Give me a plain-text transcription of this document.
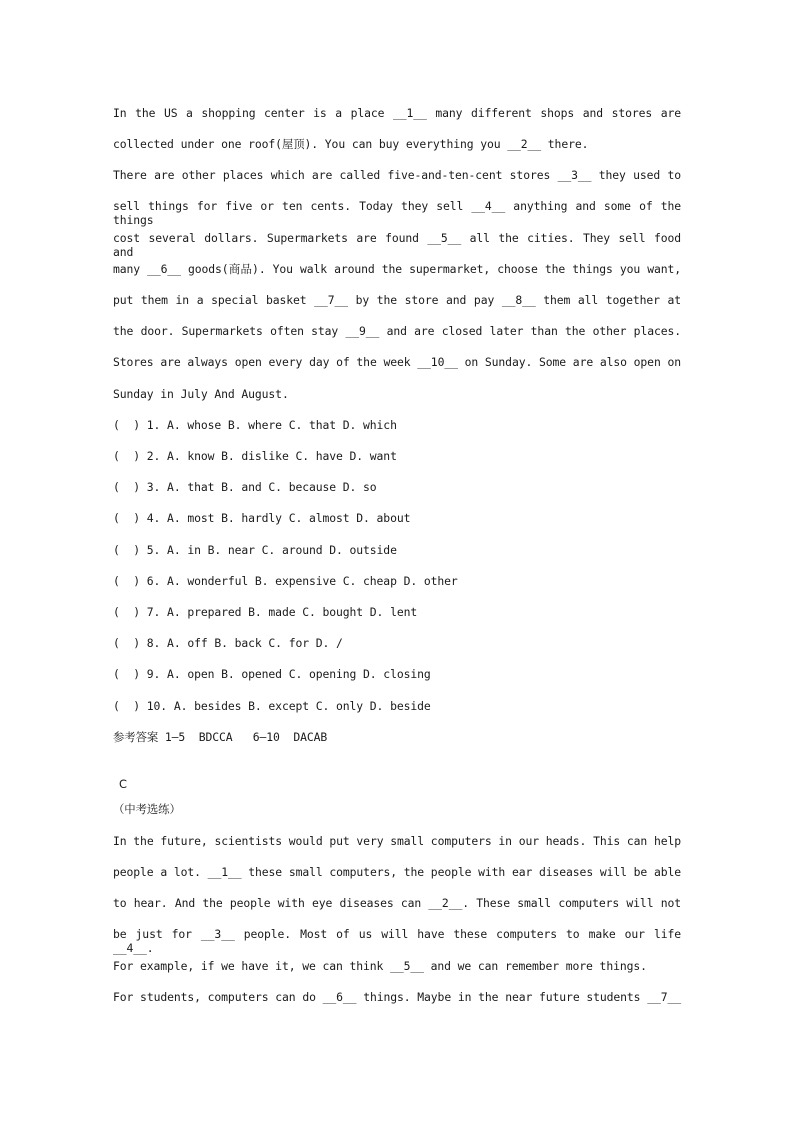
In the US a shopping center is a place __1__ many different shops and stores are
collected under one roof(屋顶). You can buy everything you __2__ there.
There are other places which are called five-and-ten-cent stores __3__ they used to
sell things for five or ten cents. Today they sell __4__ anything and some of the things
cost several dollars. Supermarkets are found __5__ all the cities. They sell food and
many __6__ goods(商品). You walk around the supermarket, choose the things you want,
put them in a special basket __7__ by the store and pay __8__ them all together at
the door. Supermarkets often stay __9__ and are closed later than the other places.
Stores are always open every day of the week __10__ on Sunday. Some are also open on
Sunday in July And August.
(  ) 1. A. whose B. where C. that D. which
(  ) 2. A. know B. dislike C. have D. want
(  ) 3. A. that B. and C. because D. so
(  ) 4. A. most B. hardly C. almost D. about
(  ) 5. A. in B. near C. around D. outside
(  ) 6. A. wonderful B. expensive C. cheap D. other
(  ) 7. A. prepared B. made C. bought D. lent
(  ) 8. A. off B. back C. for D. /
(  ) 9. A. open B. opened C. opening D. closing
(  ) 10. A. besides B. except C. only D. beside
参考答案 1—5  BDCCA   6—10  DACAB
C
（中考选练）
In the future, scientists would put very small computers in our heads. This can help
people a lot. __1__ these small computers, the people with ear diseases will be able
to hear. And the people with eye diseases can __2__. These small computers will not
be just for __3__ people. Most of us will have these computers to make our life __4__.
For example, if we have it, we can think __5__ and we can remember more things.
For students, computers can do __6__ things. Maybe in the near future students __7__
